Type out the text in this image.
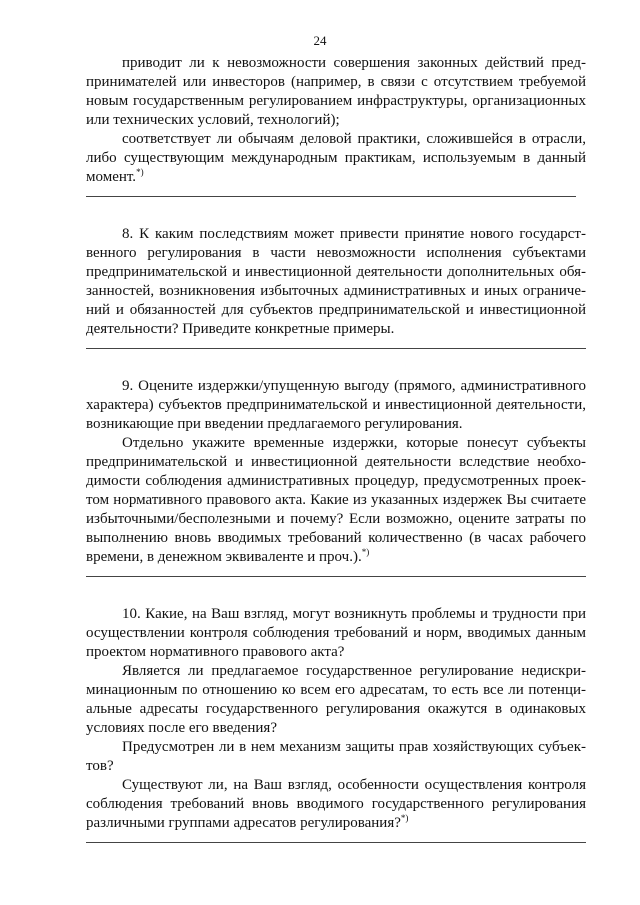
24

приводит ли к невозможности совершения законных действий предпринимателей или инвесторов (например, в связи с отсутствием требуемой новым государственным регулированием инфраструктуры, организационных или технических условий, технологий);

соответствует ли обычаям деловой практики, сложившейся в отрасли, либо существующим международным практикам, используемым в данный момент.*)

8. К каким последствиям может привести принятие нового государственного регулирования в части невозможности исполнения субъектами предпринимательской и инвестиционной деятельности дополнительных обязанностей, возникновения избыточных административных и иных ограничений и обязанностей для субъектов предпринимательской и инвестиционной деятельности? Приведите конкретные примеры.

9. Оцените издержки/упущенную выгоду (прямого, административного характера) субъектов предпринимательской и инвестиционной деятельности, возникающие при введении предлагаемого регулирования.

Отдельно укажите временные издержки, которые понесут субъекты предпринимательской и инвестиционной деятельности вследствие необходимости соблюдения административных процедур, предусмотренных проектом нормативного правового акта. Какие из указанных издержек Вы считаете избыточными/бесполезными и почему? Если возможно, оцените затраты по выполнению вновь вводимых требований количественно (в часах рабочего времени, в денежном эквиваленте и проч.).*)

10. Какие, на Ваш взгляд, могут возникнуть проблемы и трудности при осуществлении контроля соблюдения требований и норм, вводимых данным проектом нормативного правового акта?

Является ли предлагаемое государственное регулирование недискриминационным по отношению ко всем его адресатам, то есть все ли потенциальные адресаты государственного регулирования окажутся в одинаковых условиях после его введения?

Предусмотрен ли в нем механизм защиты прав хозяйствующих субъектов?

Существуют ли, на Ваш взгляд, особенности осуществления контроля соблюдения требований вновь вводимого государственного регулирования различными группами адресатов регулирования?*)
